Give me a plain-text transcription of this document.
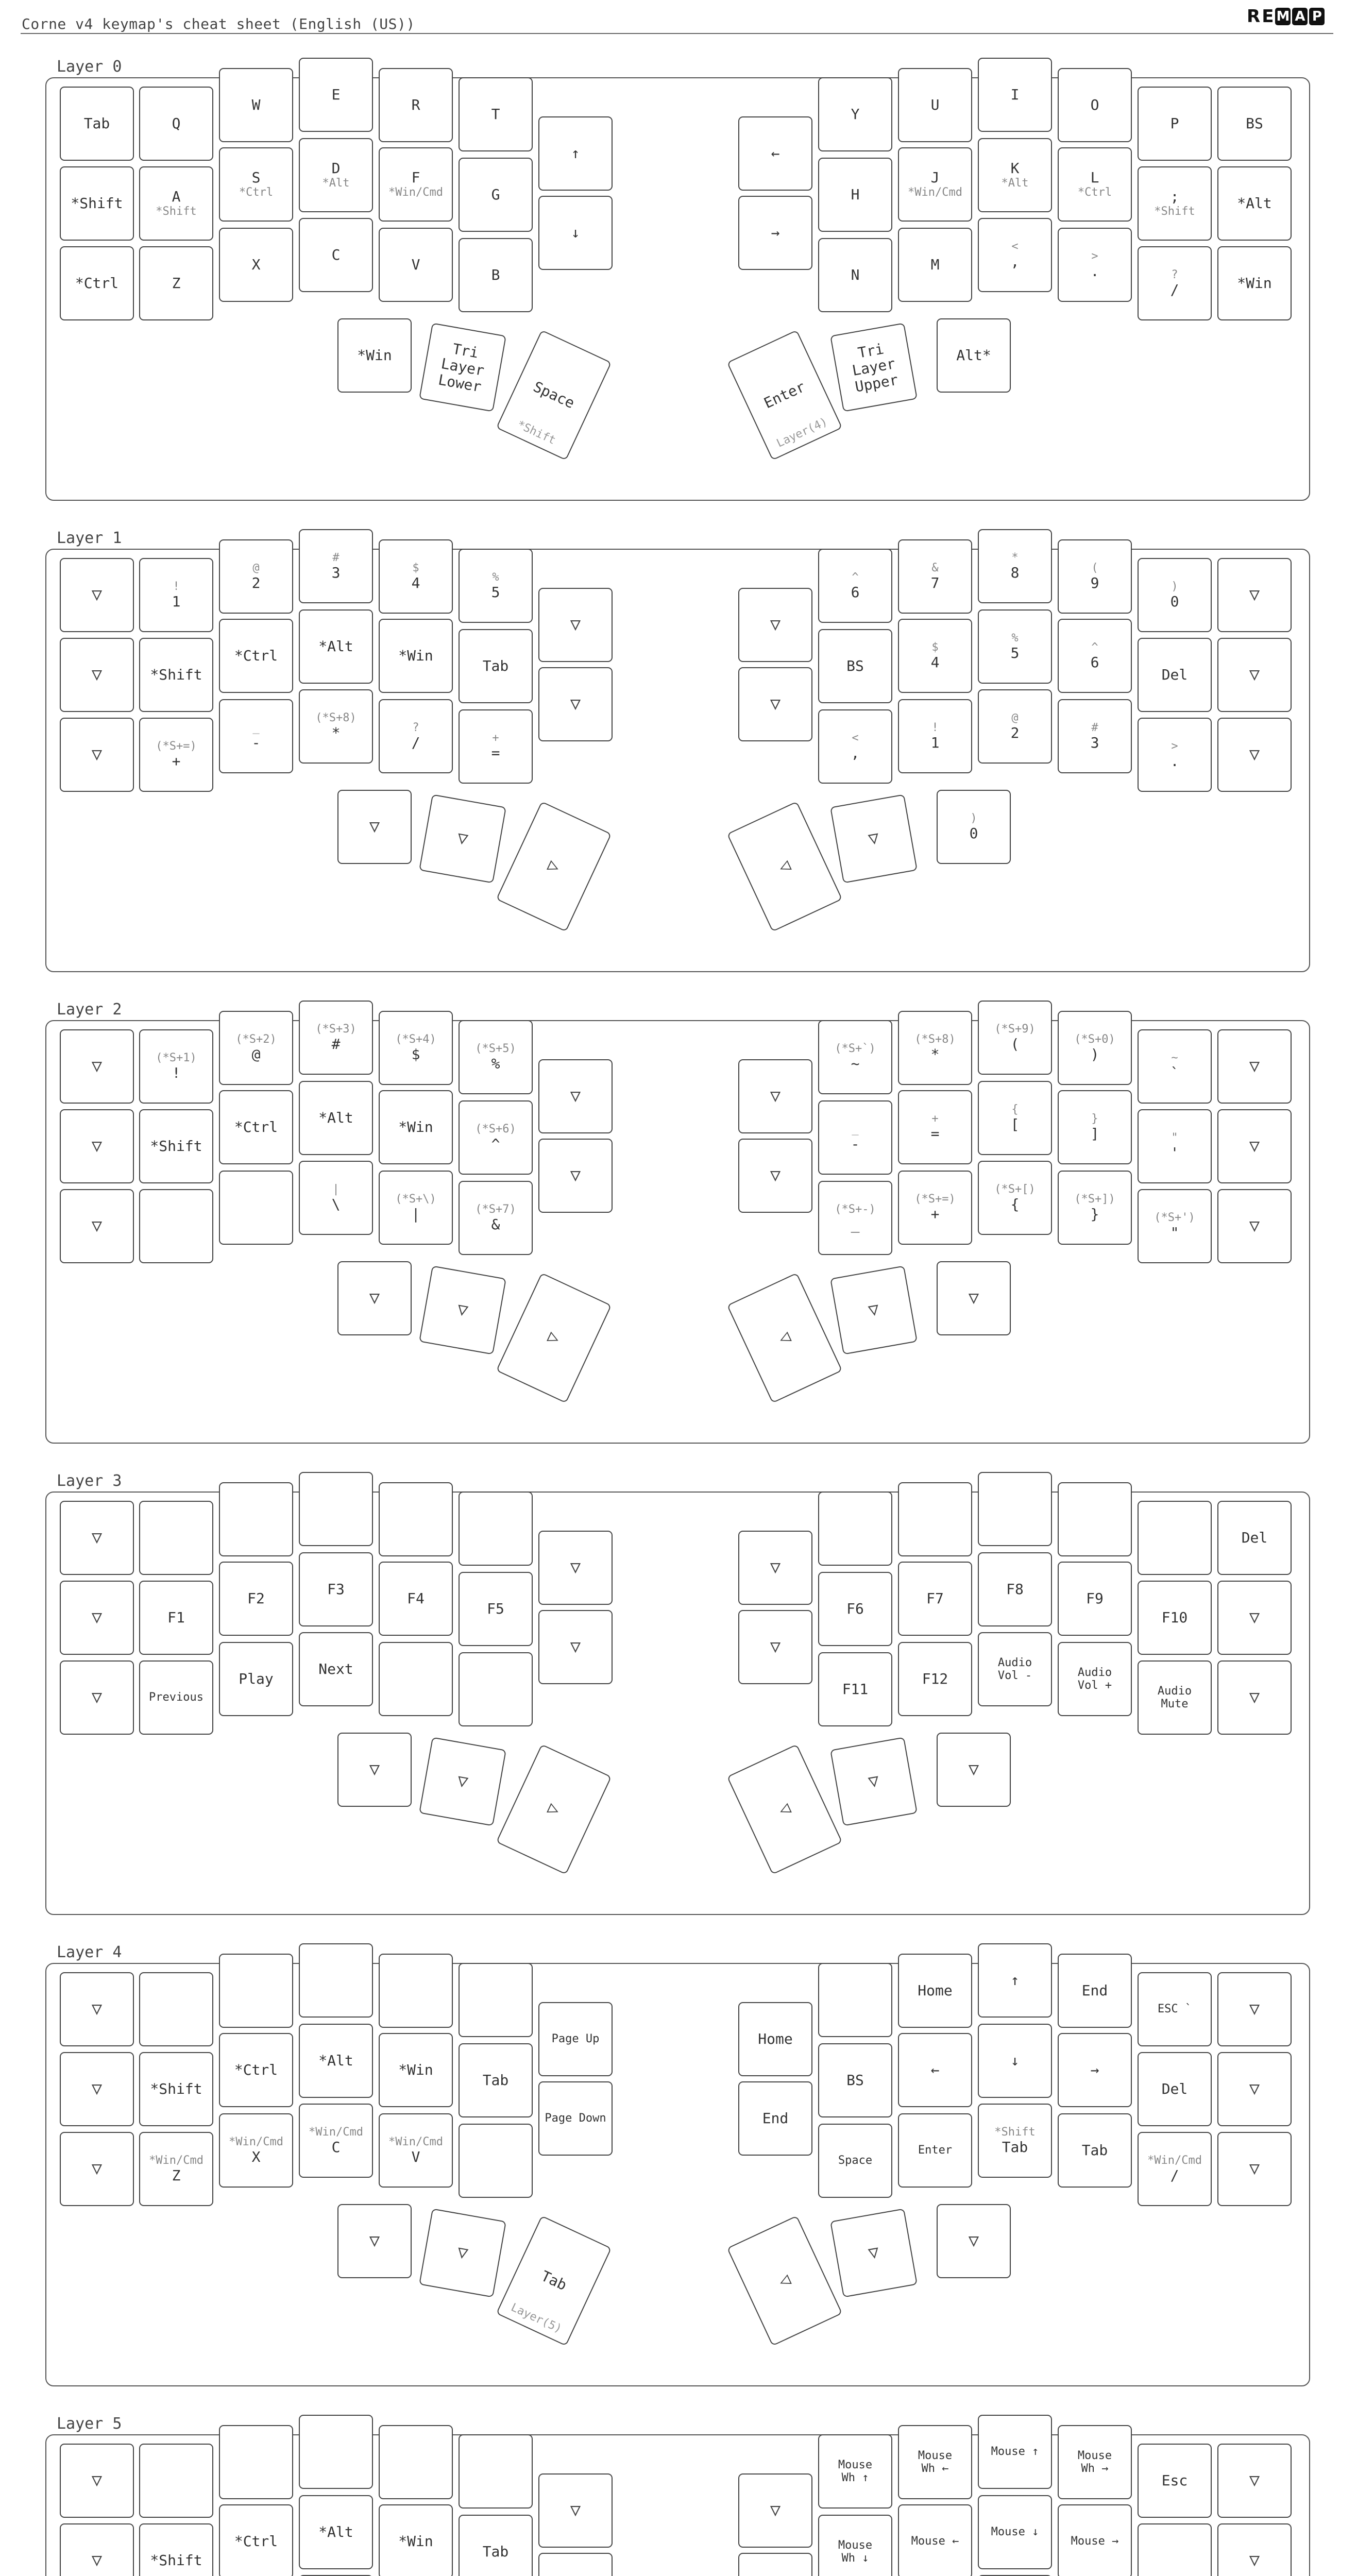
Corne v4 keymap's cheat sheet (English (US))	R E M A P
Layer 0
Tab	Q
W
E
R
T
*Shift	A
*Shift
S
*Ctrl
D
*Alt	F
*Win/Cmd	G
*Ctrl	Z
X
C
V
B
↑
↓
*Win	Tri
Layer
Lower	Space
*Shift
Y
U
I
O
P	BS
H
J
*Win/Cmd
K
*Alt	L
*Ctrl	;
*Shift
*Alt
N
M
<
,	>
.	?
/	*Win
←
→
Enter
Layer(4)
Tri
Layer
Upper
Alt*
Layer 1
▽	!
1
@
2
#
3	$
4	%
5
▽	*Shift
*Ctrl
*Alt
*Win
Tab
▽	(*S+=)
+
_
-
(*S+8)
*	?
/	+
=
▽
▽
▽
▽
▷
^
6
&
7
*
8	(
9	)
0	▽
BS
$
4
%
5	^
6
Del	▽
<
,
!
1
@
2	#
3	>
.	▽
▽
▽
◁
▽
)
0
Layer 2
▽	(*S+1)
!
(*S+2)
@
(*S+3)
#	(*S+4)
$	(*S+5)
%
▽	*Shift
*Ctrl
*Alt
*Win	(*S+6)
^
▽
|
\	(*S+\)
|	(*S+7)
&
▽
▽
▽
▽
▷
(*S+`)
~
(*S+8)
*
(*S+9)
(	(*S+0)
)	~
`	▽
_
-
+
=
{
[	}
]	"
'	▽
(*S+-)
_
(*S+=)
+
(*S+[)
{	(*S+])
}	(*S+')
"	▽
▽
▽
◁
▽
▽
Layer 3
▽
▽	F1
F2
F3
F4
F5
▽	Previous
Play
Next
▽
▽
▽
▽
▷
Del
F6
F7
F8
F9
F10	▽
F11
F12
Audio
Vol -	Audio
Vol +	Audio
Mute	▽
▽
▽
◁
▽
▽
Layer 4
▽
▽	*Shift
*Ctrl
*Alt
*Win
Tab
▽	*Win/Cmd
Z
*Win/Cmd
X
*Win/Cmd
C	*Win/Cmd
V
Page Up
Page Down
▽
▽
Tab
Layer(5)
Home
↑
End
ESC `	▽
BS
←
↓
→
Del	▽
Space
Enter
*Shift
Tab	Tab
*Win/Cmd
/	▽
Home
End
◁
▽
▽
Layer 5
▽
▽	*Shift
*Ctrl
*Alt
*Win
Tab
▽
Mouse
Wh ↑
Mouse
Wh ←
Mouse ↑	Mouse
Wh →
Esc	▽
Mouse
Wh ↓
Mouse ←
Mouse ↓
Mouse →
▽
▽
